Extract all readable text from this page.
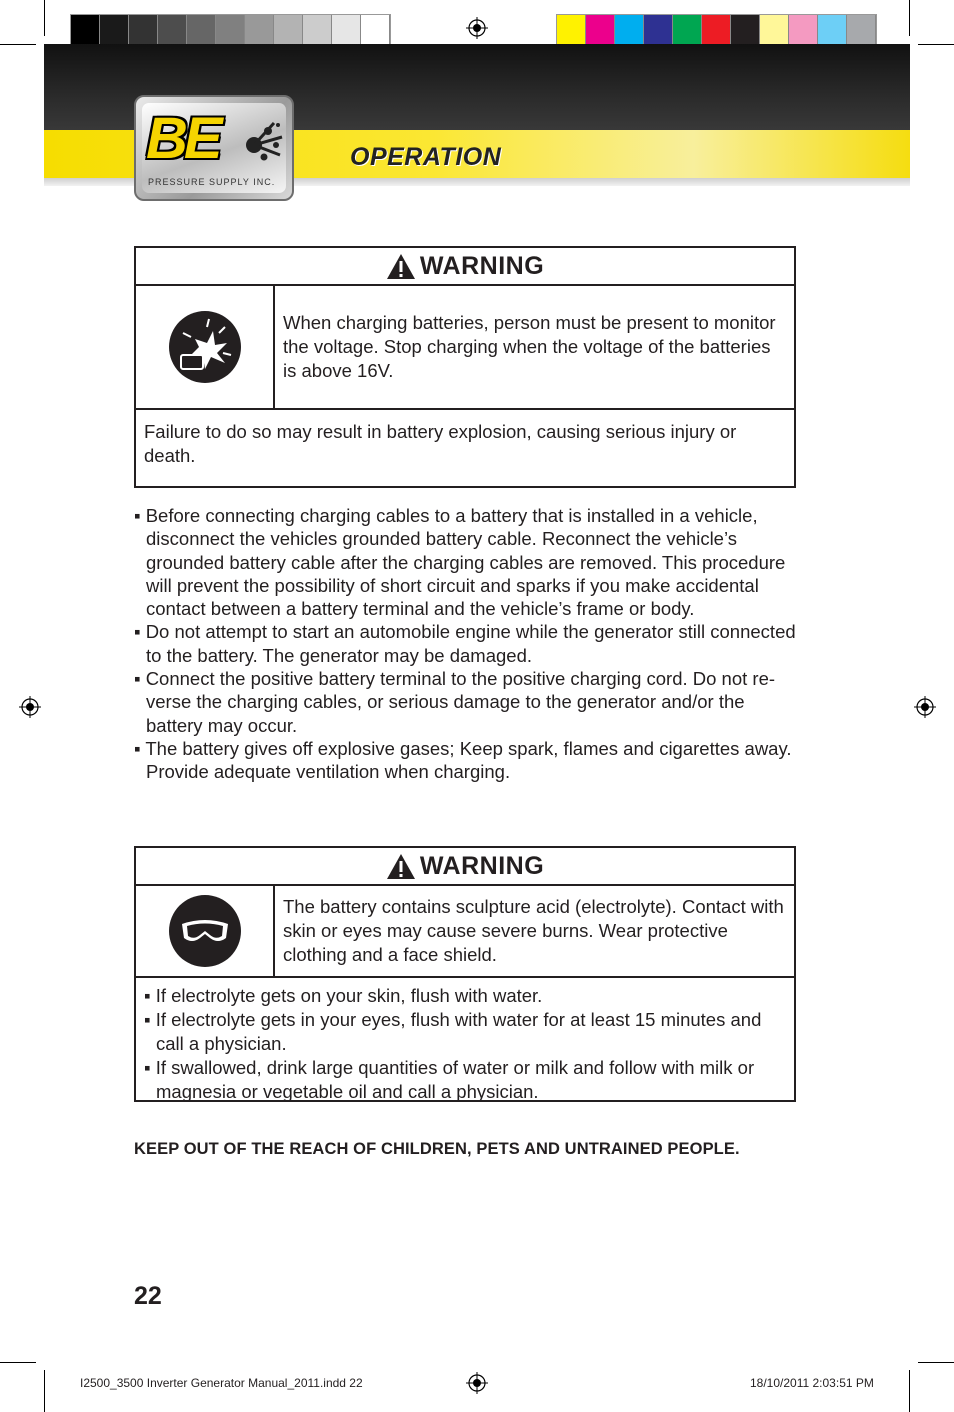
BE
PRESSURE SUPPLY INC.
OPERATION
WARNING
When charging batteries, person must be present to monitor the voltage. Stop charging when the voltage of the batteries is above 16V.
Failure to do so may result in battery explosion, causing serious injury or death.
▪ Before connecting charging cables to a battery that is installed in a vehicle, disconnect the vehicles grounded battery cable. Reconnect the vehicle’s grounded battery cable after the charging cables are removed. This procedure will prevent the possibility of short circuit and sparks if you make accidental contact between a battery terminal and the vehicle’s frame or body.
▪ Do not attempt to start an automobile engine while the generator still connected to the battery. The generator may be damaged.
▪ Connect the positive battery terminal to the positive charging cord. Do not re-verse the charging cables, or serious damage to the generator and/or the battery may occur.
▪ The battery gives off explosive gases; Keep spark, flames and cigarettes away. Provide adequate ventilation when charging.
WARNING
The battery contains sculpture acid (electrolyte). Contact with skin or eyes may cause severe burns. Wear protective clothing and a face shield.
▪ If electrolyte gets on your skin, flush with water.
▪ If electrolyte gets in your eyes, flush with water for at least 15 minutes and call a physician.
▪ If swallowed, drink large quantities of water or milk and follow with milk or magnesia or vegetable oil and call a physician.
KEEP OUT OF THE REACH OF CHILDREN, PETS AND UNTRAINED PEOPLE.
22
I2500_3500 Inverter Generator Manual_2011.indd 22	18/10/2011 2:03:51 PM
